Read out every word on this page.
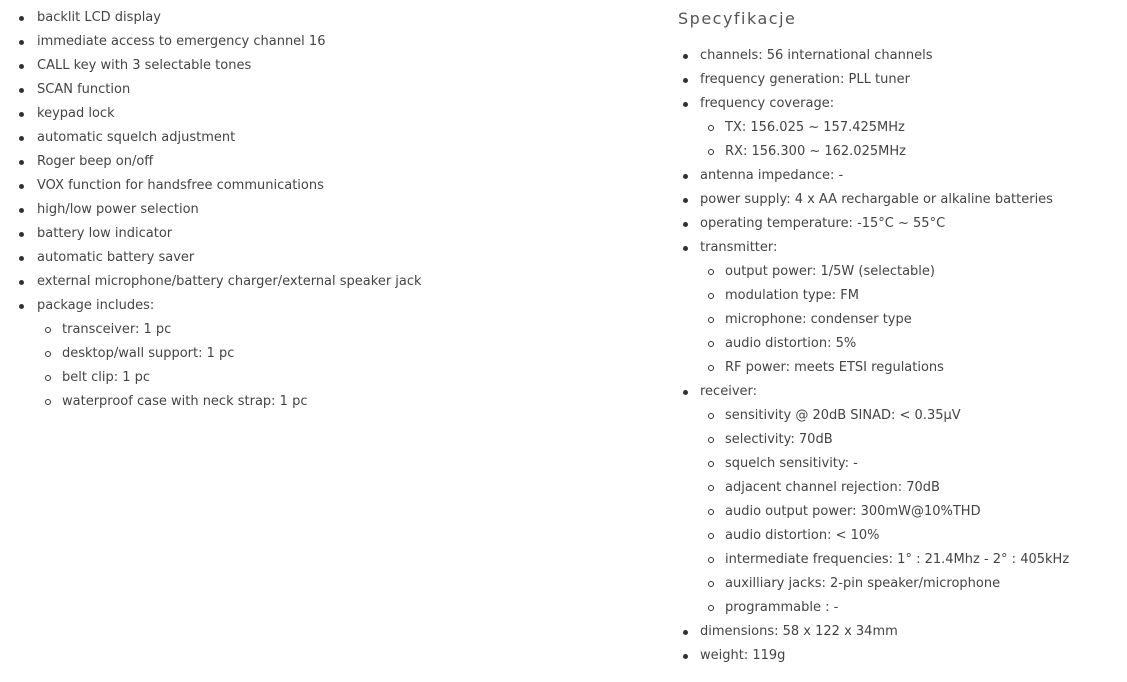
backlit LCD display
immediate access to emergency channel 16
CALL key with 3 selectable tones
SCAN function
keypad lock
automatic squelch adjustment
Roger beep on/off
VOX function for handsfree communications
high/low power selection
battery low indicator
automatic battery saver
external microphone/battery charger/external speaker jack
package includes:
transceiver: 1 pc
desktop/wall support: 1 pc
belt clip: 1 pc
waterproof case with neck strap: 1 pc
Specyfikacje
channels: 56 international channels
frequency generation: PLL tuner
frequency coverage:
TX: 156.025 ~ 157.425MHz
RX: 156.300 ~ 162.025MHz
antenna impedance: -
power supply: 4 x AA rechargable or alkaline batteries
operating temperature: -15°C ~ 55°C
transmitter:
output power: 1/5W (selectable)
modulation type: FM
microphone: condenser type
audio distortion: 5%
RF power: meets ETSI regulations
receiver:
sensitivity @ 20dB SINAD: < 0.35µV
selectivity: 70dB
squelch sensitivity: -
adjacent channel rejection: 70dB
audio output power: 300mW@10%THD
audio distortion: < 10%
intermediate frequencies: 1° : 21.4Mhz - 2° : 405kHz
auxilliary jacks: 2-pin speaker/microphone
programmable : -
dimensions: 58 x 122 x 34mm
weight: 119g
